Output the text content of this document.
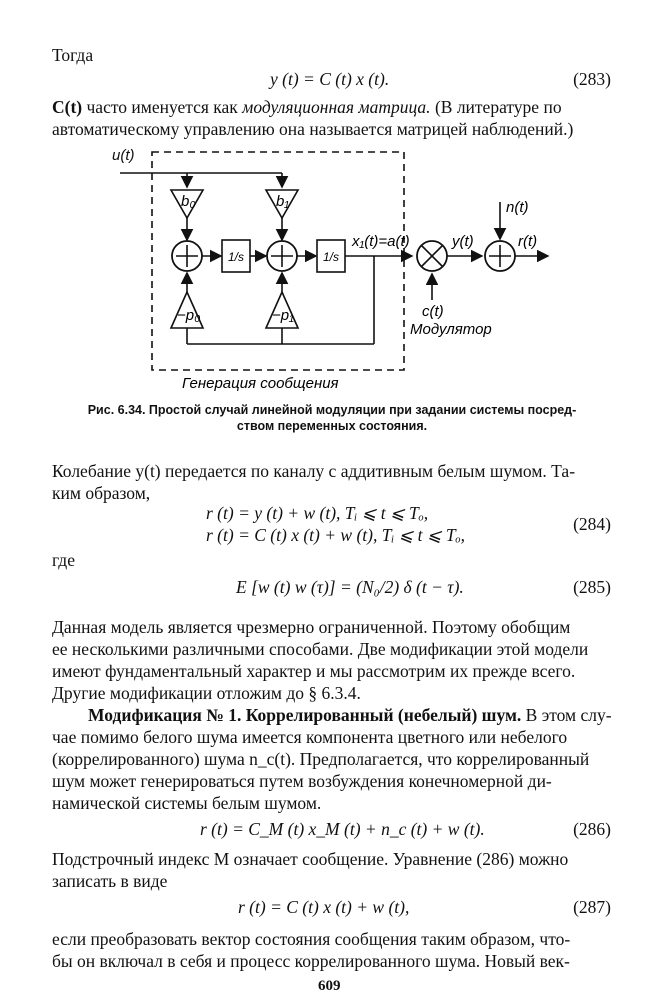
Тогда
y (t) = C (t) x (t).	(283)
C(t) часто именуется как модуляционная матрица. (В литературе по
автоматическому управлению она называется матрицей наблюдений.)
u(t)
b₀	b₁
1/s	1/s
x₁(t)=a(t)
−p₀	−p₁	c(t)
Модулятор
y(t)
n(t)
r(t)
Генерация сообщения
Рис. 6.34. Простой случай линейной модуляции при задании системы посред-
ством переменных состояния.
Колебание y(t) передается по каналу с аддитивным белым шумом. Та-
ким образом,
r (t) = y (t) + w (t), Tᵢ ⩽ t ⩽ Tₒ,
r (t) = C (t) x (t) + w (t), Tᵢ ⩽ t ⩽ Tₒ,
(284)
где
E [w (t) w (τ)] = (N₀/2) δ (t − τ).	(285)
Данная модель является чрезмерно ограниченной. Поэтому обобщим
ее несколькими различными способами. Две модификации этой модели
имеют фундаментальный характер и мы рассмотрим их прежде всего.
Другие модификации отложим до § 6.3.4.
Модификация № 1. Коррелированный (небелый) шум. В этом слу-
чае помимо белого шума имеется компонента цветного или небелого
(коррелированного) шума n_c(t). Предполагается, что коррелированный
шум может генерироваться путем возбуждения конечномерной ди-
намической системы белым шумом.
r (t) = C_M (t) x_M (t) + n_c (t) + w (t).	(286)
Подстрочный индекс M означает сообщение. Уравнение (286) можно
записать в виде
r (t) = C (t) x (t) + w (t),	(287)
если преобразовать вектор состояния сообщения таким образом, что-
бы он включал в себя и процесс коррелированного шума. Новый век-
609
